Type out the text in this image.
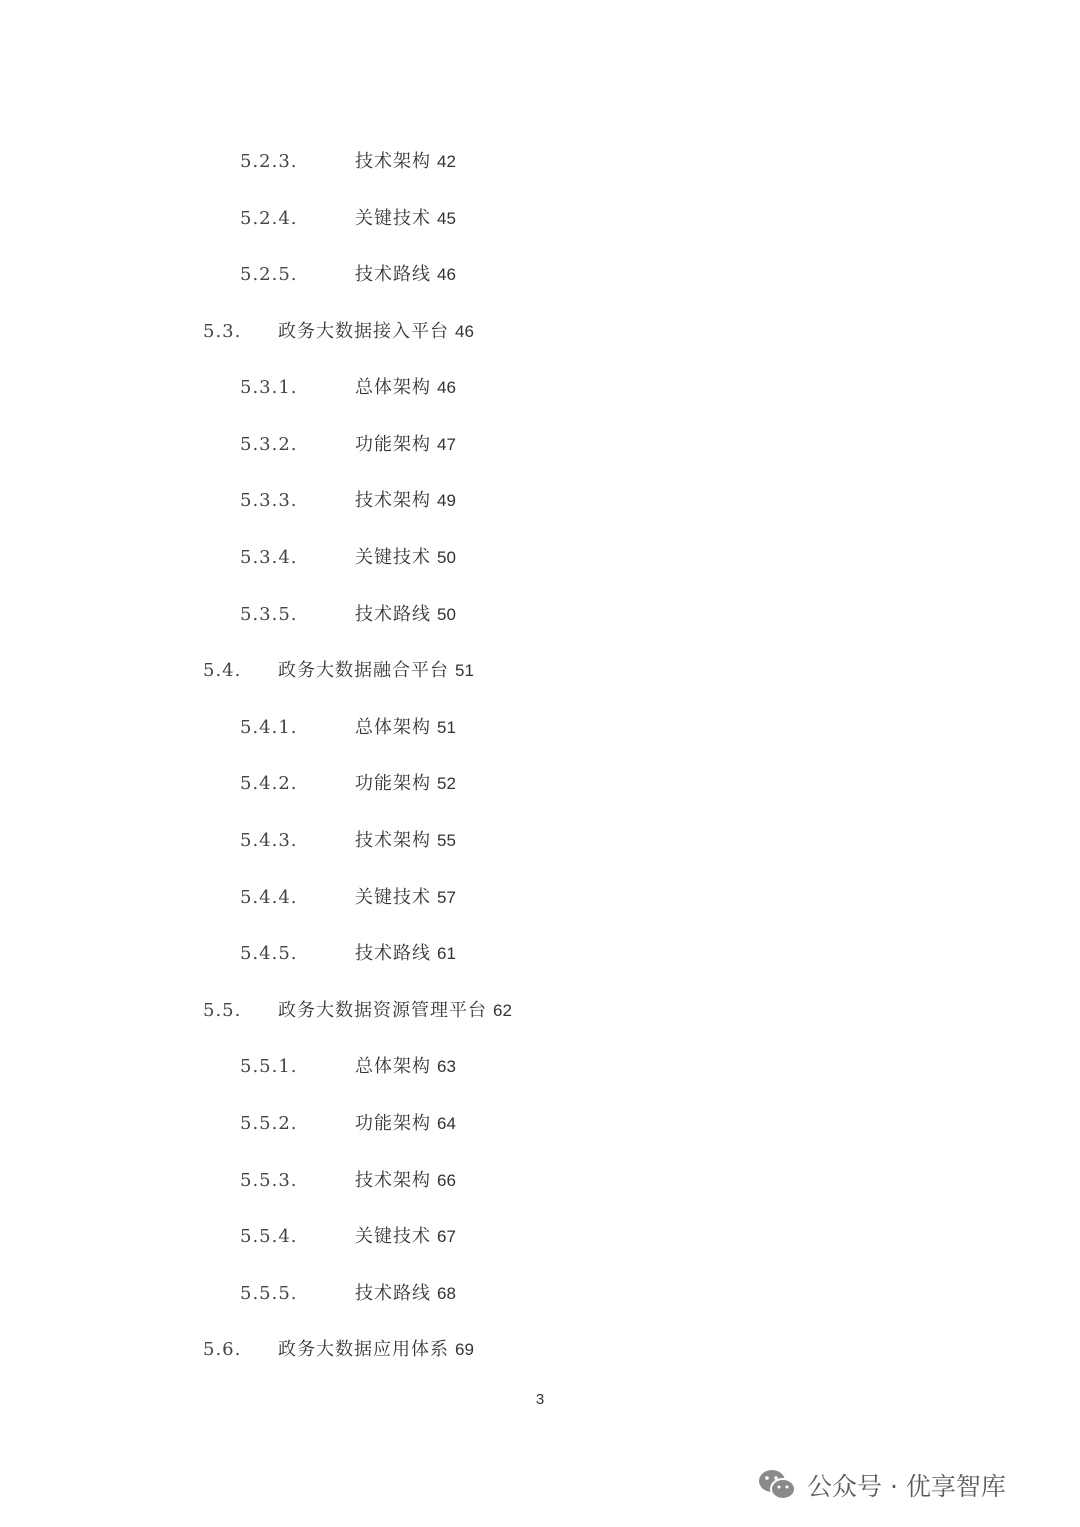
5.2.3.	技术架构 42
5.2.4.	关键技术 45
5.2.5.	技术路线 46
5.3.	政务大数据接入平台 46
5.3.1.	总体架构 46
5.3.2.	功能架构 47
5.3.3.	技术架构 49
5.3.4.	关键技术 50
5.3.5.	技术路线 50
5.4.	政务大数据融合平台 51
5.4.1.	总体架构 51
5.4.2.	功能架构 52
5.4.3.	技术架构 55
5.4.4.	关键技术 57
5.4.5.	技术路线 61
5.5.	政务大数据资源管理平台 62
5.5.1.	总体架构 63
5.5.2.	功能架构 64
5.5.3.	技术架构 66
5.5.4.	关键技术 67
5.5.5.	技术路线 68
5.6.	政务大数据应用体系 69
3
公众号 · 优享智库
